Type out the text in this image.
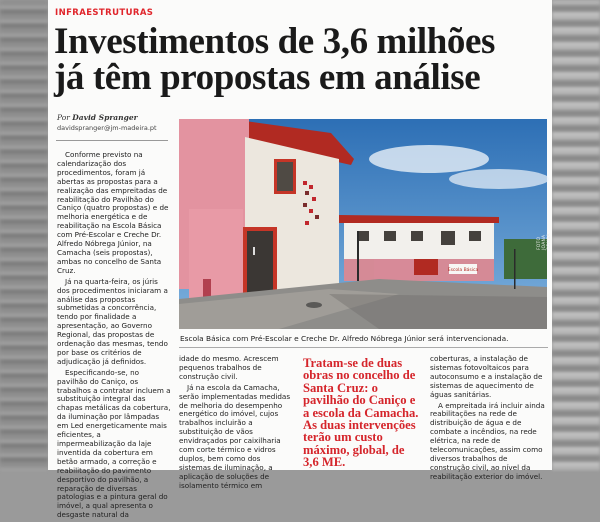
INFRAESTRUTURAS
Investimentos de 3,6 milhões
já têm propostas em análise
Por David Spranger
davidspranger@jm-madeira.pt

Conforme previsto na calendarização dos procedimentos, foram já abertas as propostas para a realização das empreitadas de reabilitação do Pavilhão do Caniço (quatro propostas) e de melhoria energética e de reabilitação na Escola Básica com Pré-Escolar e Creche Dr. Alfredo Nóbrega Júnior, na Camacha (seis propostas), ambas no concelho de Santa Cruz.

Já na quarta-feira, os júris dos procedimentos iniciaram a análise das propostas submetidas a concorrência, tendo por finalidade a apresentação, ao Governo Regional, das propostas de ordenação das mesmas, tendo por base os critérios de adjudicação já definidos.

Especificando-se, no pavilhão do Caniço, os trabalhos a contratar incluem a substituição integral das chapas metálicas da cobertura, da iluminação por lâmpadas em Led energeticamente mais eficientes, a impermeabilização da laje inventida da cobertura em betão armado, a correção e reabilitação do pavimento desportivo do pavilhão, a reparação de diversas patologias e a pintura geral do imóvel, a qual apresenta o desgaste natural da

Escola Básica
FOTO JOANA SOUSA
Escola Básica com Pré-Escolar e Creche Dr. Alfredo Nóbrega Júnior será intervencionada.

idade do mesmo. Acrescem pequenos trabalhos de construção civil.

Já na escola da Camacha, serão implementadas medidas de melhoria do desempenho energético do imóvel, cujos trabalhos incluirão a substituição de vãos envidraçados por caixilharia com corte térmico e vidros duplos, bem como dos sistemas de iluminação, a aplicação de soluções de isolamento térmico em

Tratam-se de duas obras no concelho de Santa Cruz: o pavilhão do Caniço e a escola da Camacha. As duas intervenções terão um custo máximo, global, de 3,6 ME.

coberturas, a instalação de sistemas fotovoltaicos para autoconsumo e a instalação de sistemas de aquecimento de águas sanitárias.

A empreitada irá incluir ainda reabilitações na rede de distribuição de água e de combate a incêndios, na rede elétrica, na rede de telecomunicações, assim como diversos trabalhos de construção civil, ao nível da reabilitação exterior do imóvel.
